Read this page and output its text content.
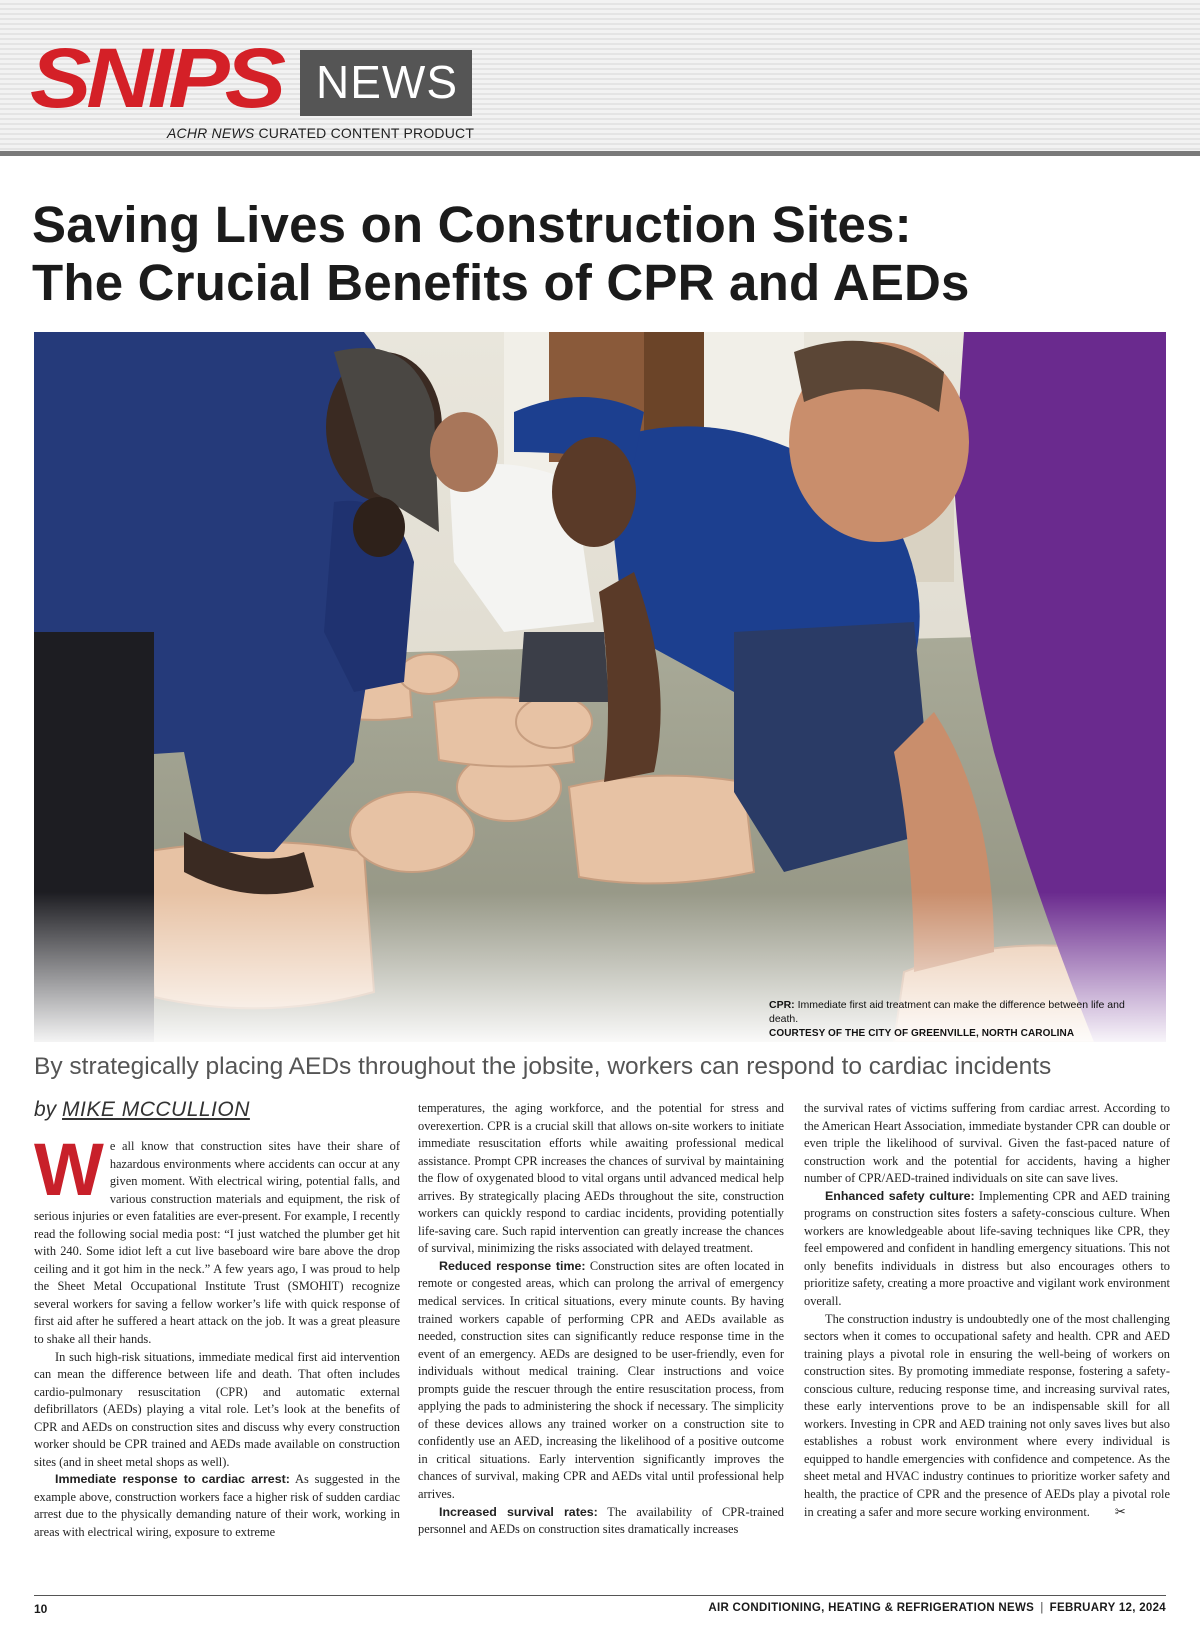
SNIPS NEWS
ACHR NEWS CURATED CONTENT PRODUCT
Saving Lives on Construction Sites:
The Crucial Benefits of CPR and AEDs
CPR: Immediate first aid treatment can make the difference between life and death.
COURTESY OF THE CITY OF GREENVILLE, NORTH CAROLINA
By strategically placing AEDs throughout the jobsite, workers can respond to cardiac incidents
by MIKE MCCULLION

We all know that construction sites have their share of hazardous environments where accidents can occur at any given moment. With electrical wiring, potential falls, and various construction materials and equipment, the risk of serious injuries or even fatalities are ever-present. For example, I recently read the following social media post: “I just watched the plumber get hit with 240. Some idiot left a cut live baseboard wire bare above the drop ceiling and it got him in the neck.” A few years ago, I was proud to help the Sheet Metal Occupational Institute Trust (SMOHIT) recognize several workers for saving a fellow worker’s life with quick response of first aid after he suffered a heart attack on the job. It was a great pleasure to shake all their hands.

In such high-risk situations, immediate medical first aid intervention can mean the difference between life and death. That often includes cardio-pulmonary resuscitation (CPR) and automatic external defibrillators (AEDs) playing a vital role. Let’s look at the benefits of CPR and AEDs on construction sites and discuss why every construction worker should be CPR trained and AEDs made available on construction sites (and in sheet metal shops as well).

Immediate response to cardiac arrest: As suggested in the example above, construction workers face a higher risk of sudden cardiac arrest due to the physically demanding nature of their work, working in areas with electrical wiring, exposure to extreme

temperatures, the aging workforce, and the potential for stress and overexertion. CPR is a crucial skill that allows on-site workers to initiate immediate resuscitation efforts while awaiting professional medical assistance. Prompt CPR increases the chances of survival by maintaining the flow of oxygenated blood to vital organs until advanced medical help arrives. By strategically placing AEDs throughout the site, construction workers can quickly respond to cardiac incidents, providing potentially life-saving care. Such rapid intervention can greatly increase the chances of survival, minimizing the risks associated with delayed treatment.

Reduced response time: Construction sites are often located in remote or congested areas, which can prolong the arrival of emergency medical services. In critical situations, every minute counts. By having trained workers capable of performing CPR and AEDs available as needed, construction sites can significantly reduce response time in the event of an emergency. AEDs are designed to be user-friendly, even for individuals without medical training. Clear instructions and voice prompts guide the rescuer through the entire resuscitation process, from applying the pads to administering the shock if necessary. The simplicity of these devices allows any trained worker on a construction site to confidently use an AED, increasing the likelihood of a positive outcome in critical situations. Early intervention significantly improves the chances of survival, making CPR and AEDs vital until professional help arrives.

Increased survival rates: The availability of CPR-trained personnel and AEDs on construction sites dramatically increases

the survival rates of victims suffering from cardiac arrest. According to the American Heart Association, immediate bystander CPR can double or even triple the likelihood of survival. Given the fast-paced nature of construction work and the potential for accidents, having a higher number of CPR/AED-trained individuals on site can save lives.

Enhanced safety culture: Implementing CPR and AED training programs on construction sites fosters a safety-conscious culture. When workers are knowledgeable about life-saving techniques like CPR, they feel empowered and confident in handling emergency situations. This not only benefits individuals in distress but also encourages others to prioritize safety, creating a more proactive and vigilant work environment overall.

The construction industry is undoubtedly one of the most challenging sectors when it comes to occupational safety and health. CPR and AED training plays a pivotal role in ensuring the well-being of workers on construction sites. By promoting immediate response, fostering a safety-conscious culture, reducing response time, and increasing survival rates, these early interventions prove to be an indispensable skill for all workers. Investing in CPR and AED training not only saves lives but also establishes a robust work environment where every individual is equipped to handle emergencies with confidence and competence. As the sheet metal and HVAC industry continues to prioritize worker safety and health, the practice of CPR and the presence of AEDs play a pivotal role in creating a safer and more secure working environment. ✂

10	AIR CONDITIONING, HEATING & REFRIGERATION NEWS | FEBRUARY 12, 2024
